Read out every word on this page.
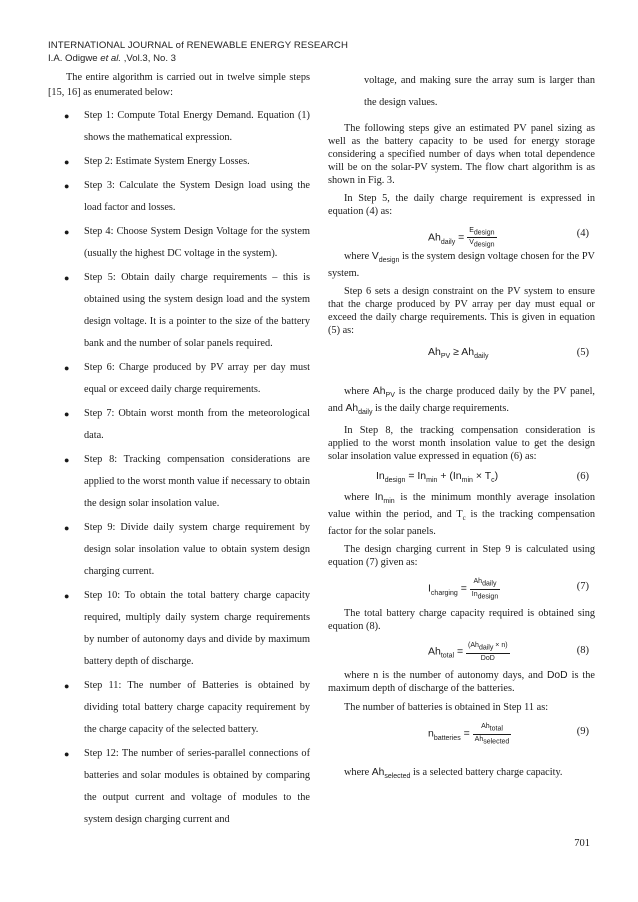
INTERNATIONAL JOURNAL of RENEWABLE ENERGY RESEARCH
I.A. Odigwe et al. ,Vol.3, No. 3

The entire algorithm is carried out in twelve simple steps [15, 16] as enumerated below:

● Step 1: Compute Total Energy Demand. Equation (1) shows the mathematical expression.
● Step 2: Estimate System Energy Losses.
● Step 3: Calculate the System Design load using the load factor and losses.
● Step 4: Choose System Design Voltage for the system (usually the highest DC voltage in the system).
● Step 5: Obtain daily charge requirements – this is obtained using the system design load and the system design voltage. It is a pointer to the size of the battery bank and the number of solar panels required.
● Step 6: Charge produced by PV array per day must equal or exceed daily charge requirements.
● Step 7: Obtain worst month from the meteorological data.
● Step 8: Tracking compensation considerations are applied to the worst month value if necessary to obtain the design solar insolation value.
● Step 9: Divide daily system charge requirement by design solar insolation value to obtain system design charging current.
● Step 10: To obtain the total battery charge capacity required, multiply daily system charge requirements by number of autonomy days and divide by maximum battery depth of discharge.
● Step 11: The number of Batteries is obtained by dividing total battery charge capacity requirement by the charge capacity of the selected battery.
● Step 12: The number of series-parallel connections of batteries and solar modules is obtained by comparing the output current and voltage of modules to the system design charging current and

voltage, and making sure the array sum is larger than the design values.

The following steps give an estimated PV panel sizing as well as the battery capacity to be used for energy storage considering a specified number of days when total dependence will be on the solar-PV system. The flow chart algorithm is as shown in Fig. 3.

In Step 5, the daily charge requirement is expressed in equation (4) as:

$Ah_{daily} = \frac{E_{design}}{V_{design}}$	(4)

where $V_{design}$ is the system design voltage chosen for the PV system.

Step 6 sets a design constraint on the PV system to ensure that the charge produced by PV array per day must equal or exceed the daily charge requirements. This is given in equation (5) as:

$Ah_{PV} \ge Ah_{daily}$	(5)

where $Ah_{PV}$ is the charge produced daily by the PV panel, and $Ah_{daily}$ is the daily charge requirements.

In Step 8, the tracking compensation consideration is applied to the worst month insolation value to get the design solar insolation value expressed in equation (6) as:

$In_{design} = In_{min} + (In_{min} \times T_c)$	(6)

where $In_{min}$ is the minimum monthly average insolation value within the period, and $T_c$ is the tracking compensation factor for the solar panels.

The design charging current in Step 9 is calculated using equation (7) given as:

$I_{charging} = \frac{Ah_{daily}}{In_{design}}$	(7)

The total battery charge capacity required is obtained sing equation (8).

$Ah_{total} = \frac{(Ah_{daily} \times n)}{\text{DoD}}$	(8)

where n is the number of autonomy days, and DoD is the maximum depth of discharge of the batteries.

The number of batteries is obtained in Step 11 as:

$n_{batteries} = \frac{Ah_{total}}{Ah_{selected}}$	(9)

where $Ah_{selected}$ is a selected battery charge capacity.

701
